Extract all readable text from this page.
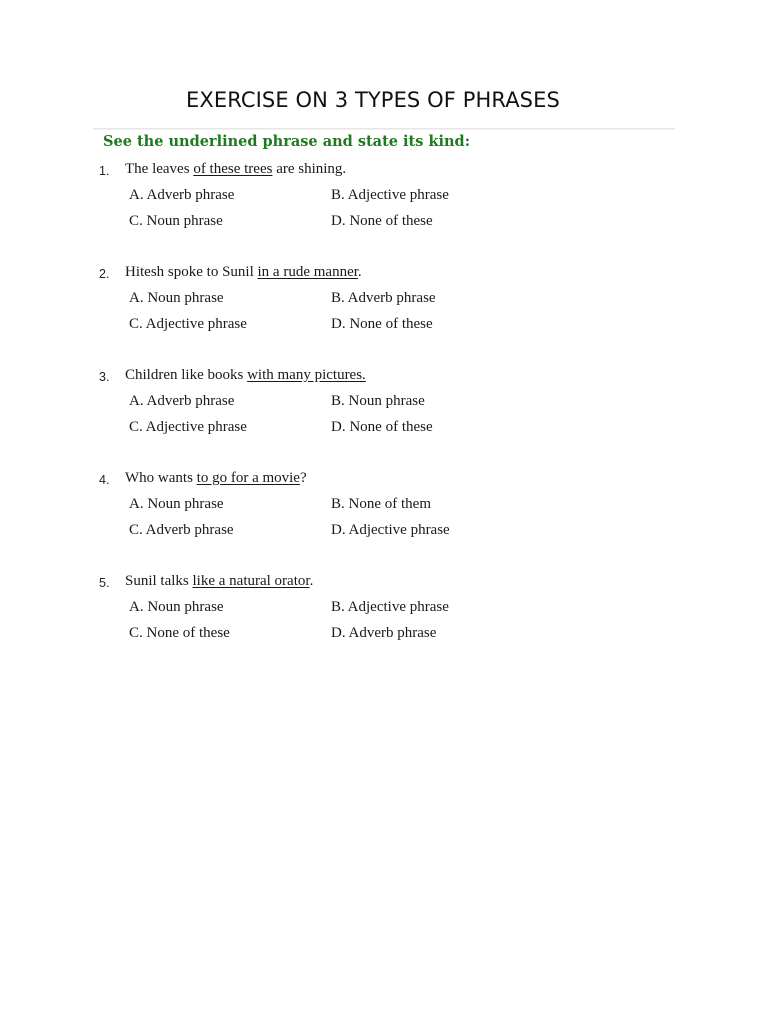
EXERCISE ON 3 TYPES OF PHRASES

See the underlined phrase and state its kind:

1. The leaves of these trees are shining.
A. Adverb phrase	B. Adjective phrase
C. Noun phrase	D. None of these
2. Hitesh spoke to Sunil in a rude manner.
A. Noun phrase	B. Adverb phrase
C. Adjective phrase	D. None of these
3. Children like books with many pictures.
A. Adverb phrase	B. Noun phrase
C. Adjective phrase	D. None of these
4. Who wants to go for a movie?
A. Noun phrase	B. None of them
C. Adverb phrase	D. Adjective phrase
5. Sunil talks like a natural orator.
A. Noun phrase	B. Adjective phrase
C. None of these	D. Adverb phrase
